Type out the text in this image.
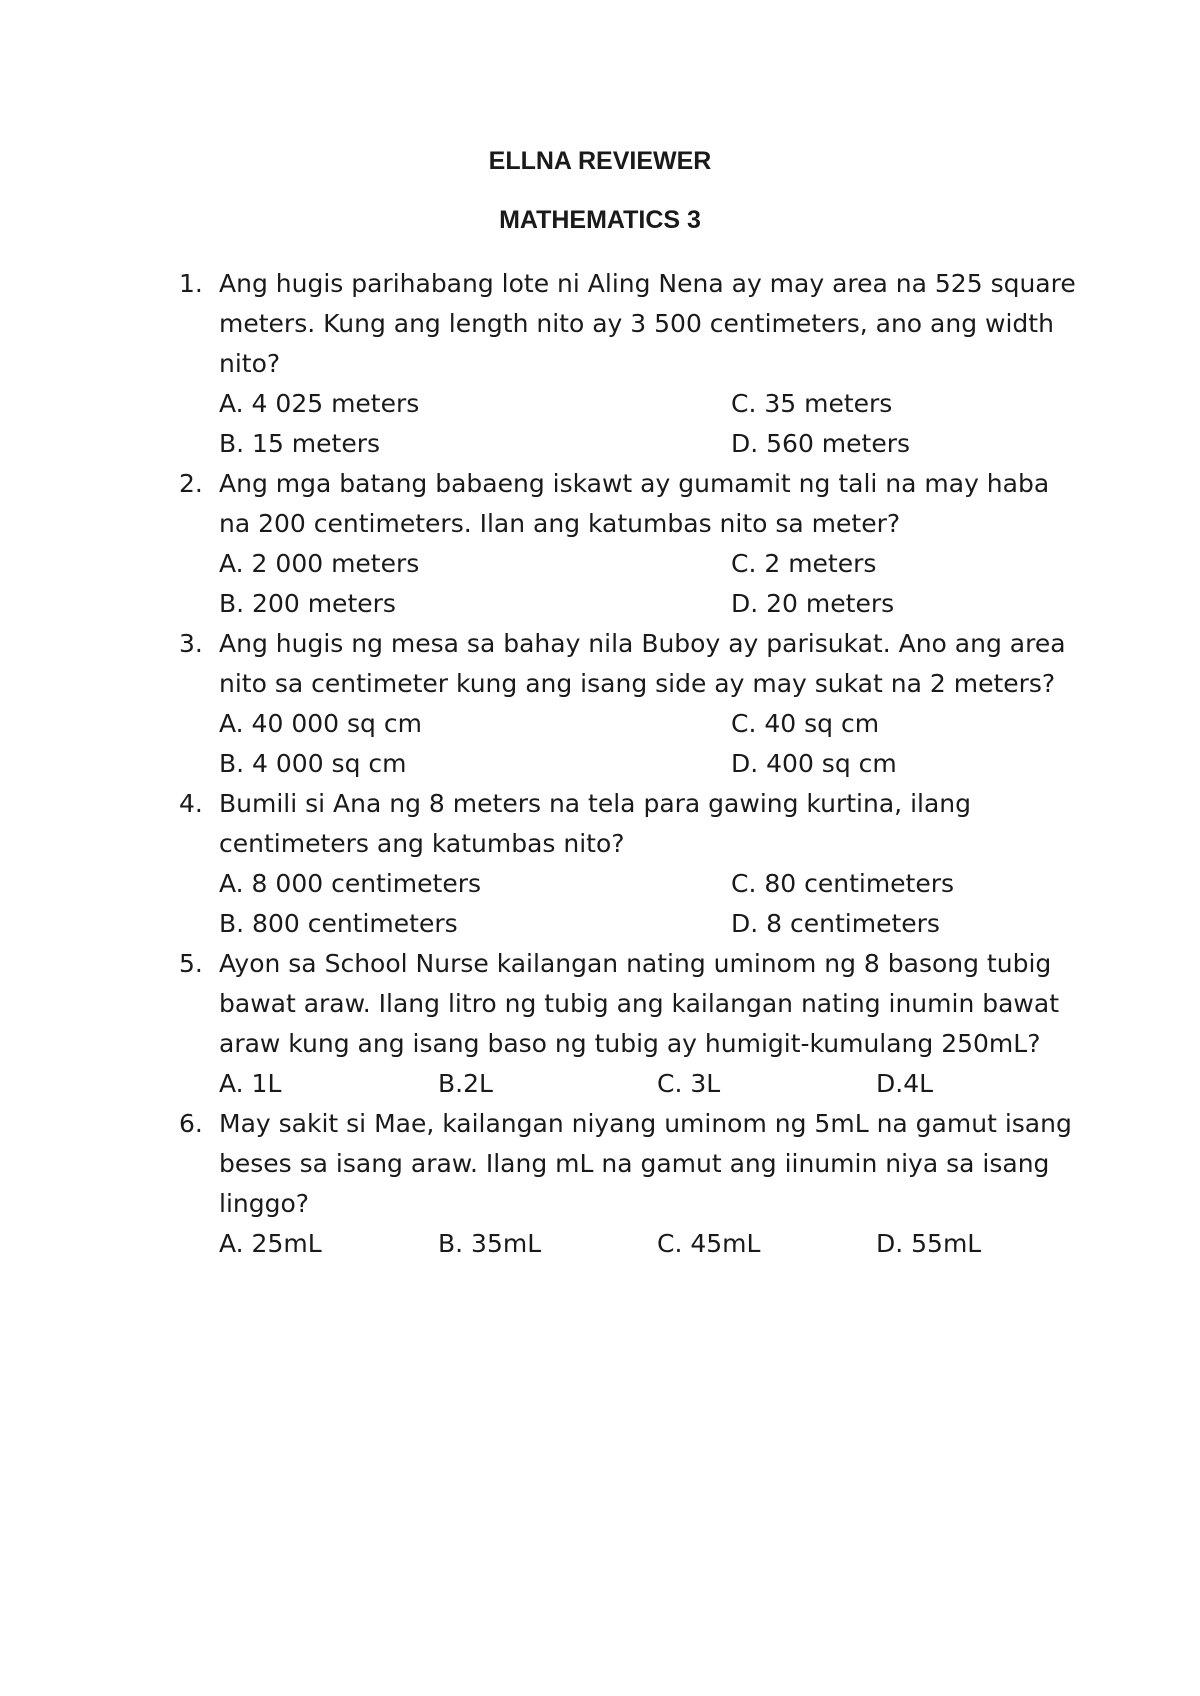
ELLNA REVIEWER
MATHEMATICS 3
1. Ang hugis parihabang lote ni Aling Nena ay may area na 525 square meters. Kung ang length nito ay 3 500 centimeters, ano ang width nito?
A. 4 025 meters	C. 35 meters
B. 15 meters	D. 560 meters
2. Ang mga batang babaeng iskawt ay gumamit ng tali na may haba na 200 centimeters. Ilan ang katumbas nito sa meter?
A. 2 000 meters	C. 2 meters
B. 200 meters	D. 20 meters
3. Ang hugis ng mesa sa bahay nila Buboy ay parisukat. Ano ang area nito sa centimeter kung ang isang side ay may sukat na 2 meters?
A. 40 000 sq cm	C. 40 sq cm
B. 4 000 sq cm	D. 400 sq cm
4. Bumili si Ana ng 8 meters na tela para gawing kurtina, ilang centimeters ang katumbas nito?
A. 8 000 centimeters	C. 80 centimeters
B. 800 centimeters	D. 8 centimeters
5. Ayon sa School Nurse kailangan nating uminom ng 8 basong tubig bawat araw. Ilang litro ng tubig ang kailangan nating inumin bawat araw kung ang isang baso ng tubig ay humigit-kumulang 250mL?
A. 1L	B.2L	C. 3L	D.4L
6. May sakit si Mae, kailangan niyang uminom ng 5mL na gamut isang beses sa isang araw. Ilang mL na gamut ang iinumin niya sa isang linggo?
A. 25mL	B. 35mL	C. 45mL	D. 55mL
